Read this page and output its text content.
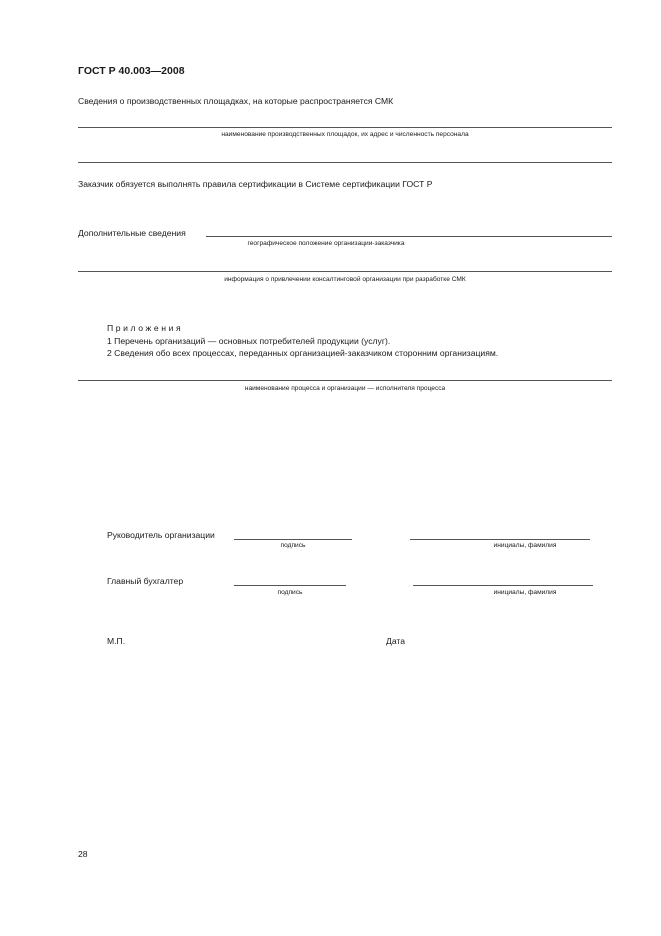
ГОСТ Р 40.003—2008
Сведения о производственных площадках, на которые распространяется СМК
наименование производственных площадок, их адрес и численность персонала
Заказчик обязуется выполнять правила сертификации в Системе сертификации ГОСТ Р
Дополнительные сведения
географическое положение организации-заказчика
информация о привлечении консалтинговой организации при разработке СМК
Приложения
1 Перечень организаций — основных потребителей продукции (услуг).
2 Сведения обо всех процессах, переданных организацией-заказчиком сторонним организациям.
наименование процесса и организации — исполнителя процесса
Руководитель организации
подпись	инициалы, фамилия
Главный бухгалтер
подпись	инициалы, фамилия
М.П.	Дата
28
